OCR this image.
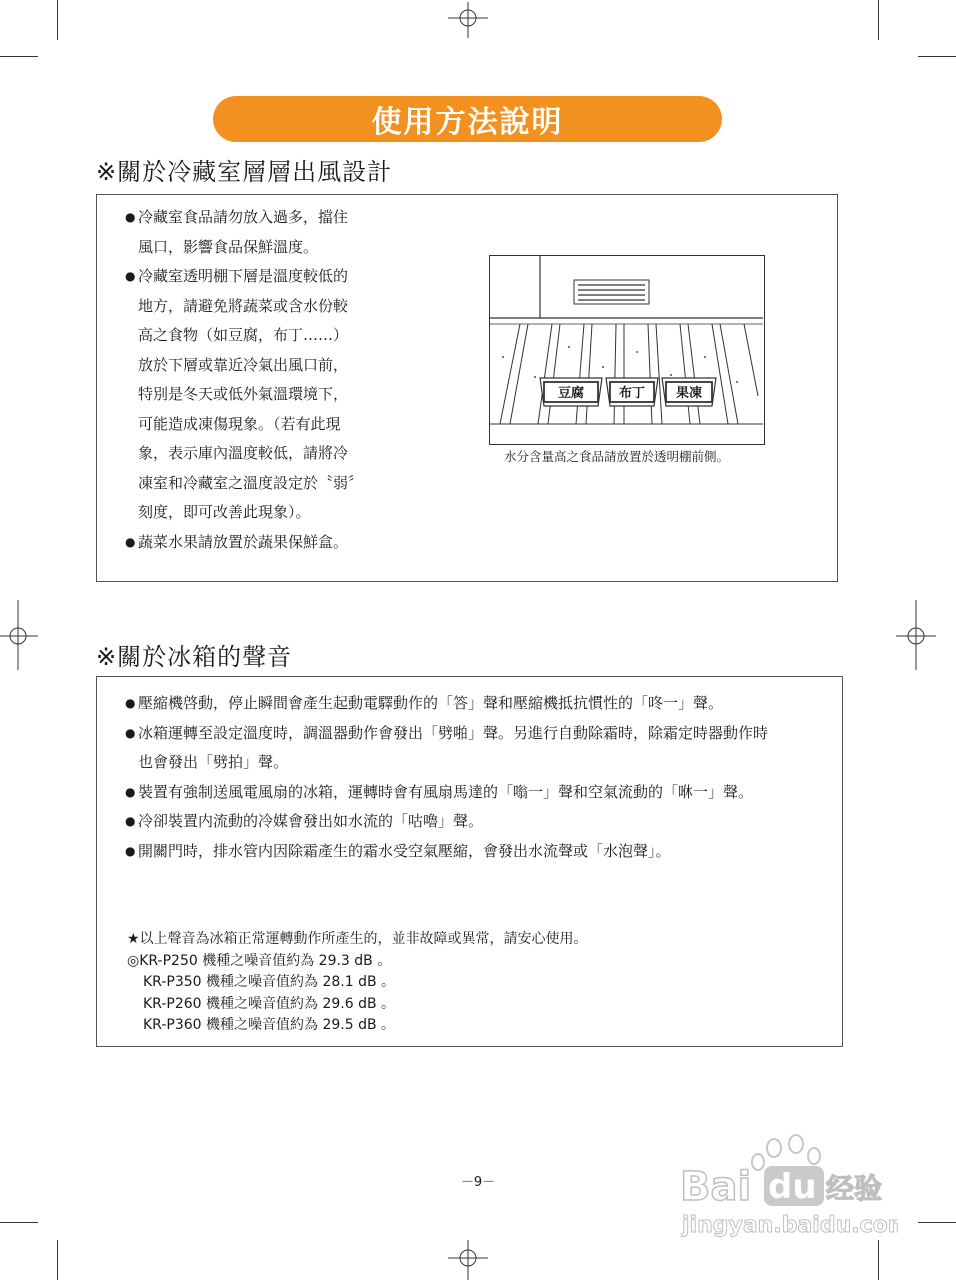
使用方法說明
※關於冷藏室層層出風設計
● 冷藏室食品請勿放入過多，擋住
風口，影響食品保鮮溫度。
● 冷藏室透明棚下層是溫度較低的
地方，請避免將蔬菜或含水份較
高之食物（如豆腐，布丁……）
放於下層或靠近冷氣出風口前，
特別是冬天或低外氣溫環境下，
可能造成凍傷現象。（若有此現
象，表示庫內溫度較低，請將冷
凍室和冷藏室之溫度設定於〝弱〞
刻度，即可改善此現象）。
● 蔬菜水果請放置於蔬果保鮮盒。
豆腐	布丁 果凍
水分含量高之食品請放置於透明棚前側。
※關於冰箱的聲音
● 壓縮機啓動，停止瞬間會產生起動電驛動作的「答」聲和壓縮機抵抗慣性的「咚一」聲。
● 冰箱運轉至設定溫度時，調溫器動作會發出「劈啪」聲。另進行自動除霜時，除霜定時器動作時
也會發出「劈拍」聲。
● 裝置有強制送風電風扇的冰箱，運轉時會有風扇馬達的「嗡一」聲和空氣流動的「咻一」聲。
● 冷卻裝置内流動的冷媒會發出如水流的「咕嚕」聲。
● 開關門時，排水管内因除霜產生的霜水受空氣壓縮，會發出水流聲或「水泡聲」。
★以上聲音為冰箱正常運轉動作所產生的，並非故障或異常，請安心使用。
◎KR-P250 機種之噪音值約為 29.3 dB 。
KR-P350 機種之噪音值約為 28.1 dB 。
KR-P260 機種之噪音值約為 29.6 dB 。
KR-P360 機種之噪音值約為 29.5 dB 。
－9－	Bai du 经验
jingyan.baidu.com
